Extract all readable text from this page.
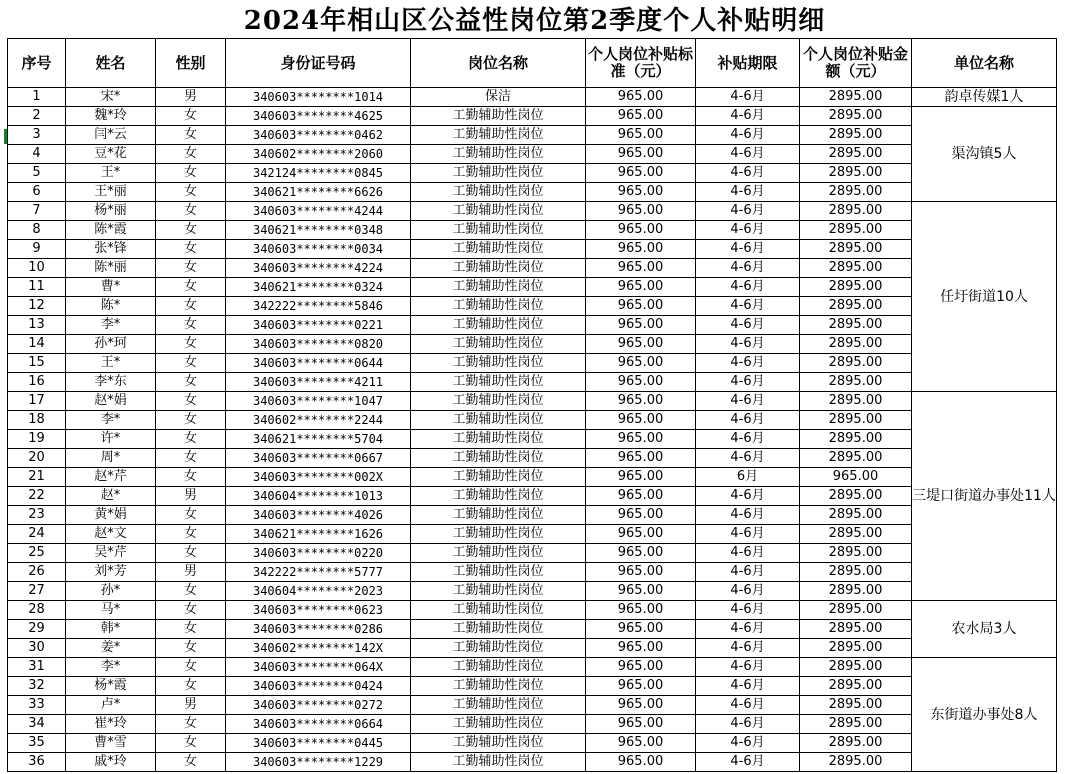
2024年相山区公益性岗位第2季度个人补贴明细
序号	姓名	性别	身份证号码	岗位名称	个人岗位补贴标准（元）	补贴期限	个人岗位补贴金额（元）	单位名称
1	宋*	男	340603********1014	保洁	965.00	4-6月	2895.00	韵卓传媒1人
2	魏*玲	女	340603********4625	工勤辅助性岗位	965.00	4-6月	2895.00	渠沟镇5人
3	闫*云	女	340603********0462	工勤辅助性岗位	965.00	4-6月	2895.00	
4	豆*花	女	340602********2060	工勤辅助性岗位	965.00	4-6月	2895.00	
5	王*	女	342124********0845	工勤辅助性岗位	965.00	4-6月	2895.00	
6	王*丽	女	340621********6626	工勤辅助性岗位	965.00	4-6月	2895.00	
7	杨*丽	女	340603********4244	工勤辅助性岗位	965.00	4-6月	2895.00	任圩街道10人
8	陈*霞	女	340621********0348	工勤辅助性岗位	965.00	4-6月	2895.00	
9	张*锋	女	340603********0034	工勤辅助性岗位	965.00	4-6月	2895.00	
10	陈*丽	女	340603********4224	工勤辅助性岗位	965.00	4-6月	2895.00	
11	曹*	女	340621********0324	工勤辅助性岗位	965.00	4-6月	2895.00	
12	陈*	女	342222********5846	工勤辅助性岗位	965.00	4-6月	2895.00	
13	李*	女	340603********0221	工勤辅助性岗位	965.00	4-6月	2895.00	
14	孙*珂	女	340603********0820	工勤辅助性岗位	965.00	4-6月	2895.00	
15	王*	女	340603********0644	工勤辅助性岗位	965.00	4-6月	2895.00	
16	李*东	女	340603********4211	工勤辅助性岗位	965.00	4-6月	2895.00	
17	赵*娟	女	340603********1047	工勤辅助性岗位	965.00	4-6月	2895.00	三堤口街道办事处11人
18	李*	女	340602********2244	工勤辅助性岗位	965.00	4-6月	2895.00	
19	许*	女	340621********5704	工勤辅助性岗位	965.00	4-6月	2895.00	
20	周*	女	340603********0667	工勤辅助性岗位	965.00	4-6月	2895.00	
21	赵*芹	女	340603********002X	工勤辅助性岗位	965.00	6月	965.00	
22	赵*	男	340604********1013	工勤辅助性岗位	965.00	4-6月	2895.00	
23	黄*娟	女	340603********4026	工勤辅助性岗位	965.00	4-6月	2895.00	
24	赵*文	女	340621********1626	工勤辅助性岗位	965.00	4-6月	2895.00	
25	吴*芹	女	340603********0220	工勤辅助性岗位	965.00	4-6月	2895.00	
26	刘*芳	男	342222********5777	工勤辅助性岗位	965.00	4-6月	2895.00	
27	孙*	女	340604********2023	工勤辅助性岗位	965.00	4-6月	2895.00	
28	马*	女	340603********0623	工勤辅助性岗位	965.00	4-6月	2895.00	农水局3人
29	韩*	女	340603********0286	工勤辅助性岗位	965.00	4-6月	2895.00	
30	姜*	女	340602********142X	工勤辅助性岗位	965.00	4-6月	2895.00	
31	李*	女	340603********064X	工勤辅助性岗位	965.00	4-6月	2895.00	东街道办事处8人
32	杨*霞	女	340603********0424	工勤辅助性岗位	965.00	4-6月	2895.00	
33	卢*	男	340603********0272	工勤辅助性岗位	965.00	4-6月	2895.00	
34	崔*玲	女	340603********0664	工勤辅助性岗位	965.00	4-6月	2895.00	
35	曹*雪	女	340603********0445	工勤辅助性岗位	965.00	4-6月	2895.00	
36	戚*玲	女	340603********1229	工勤辅助性岗位	965.00	4-6月	2895.00	
